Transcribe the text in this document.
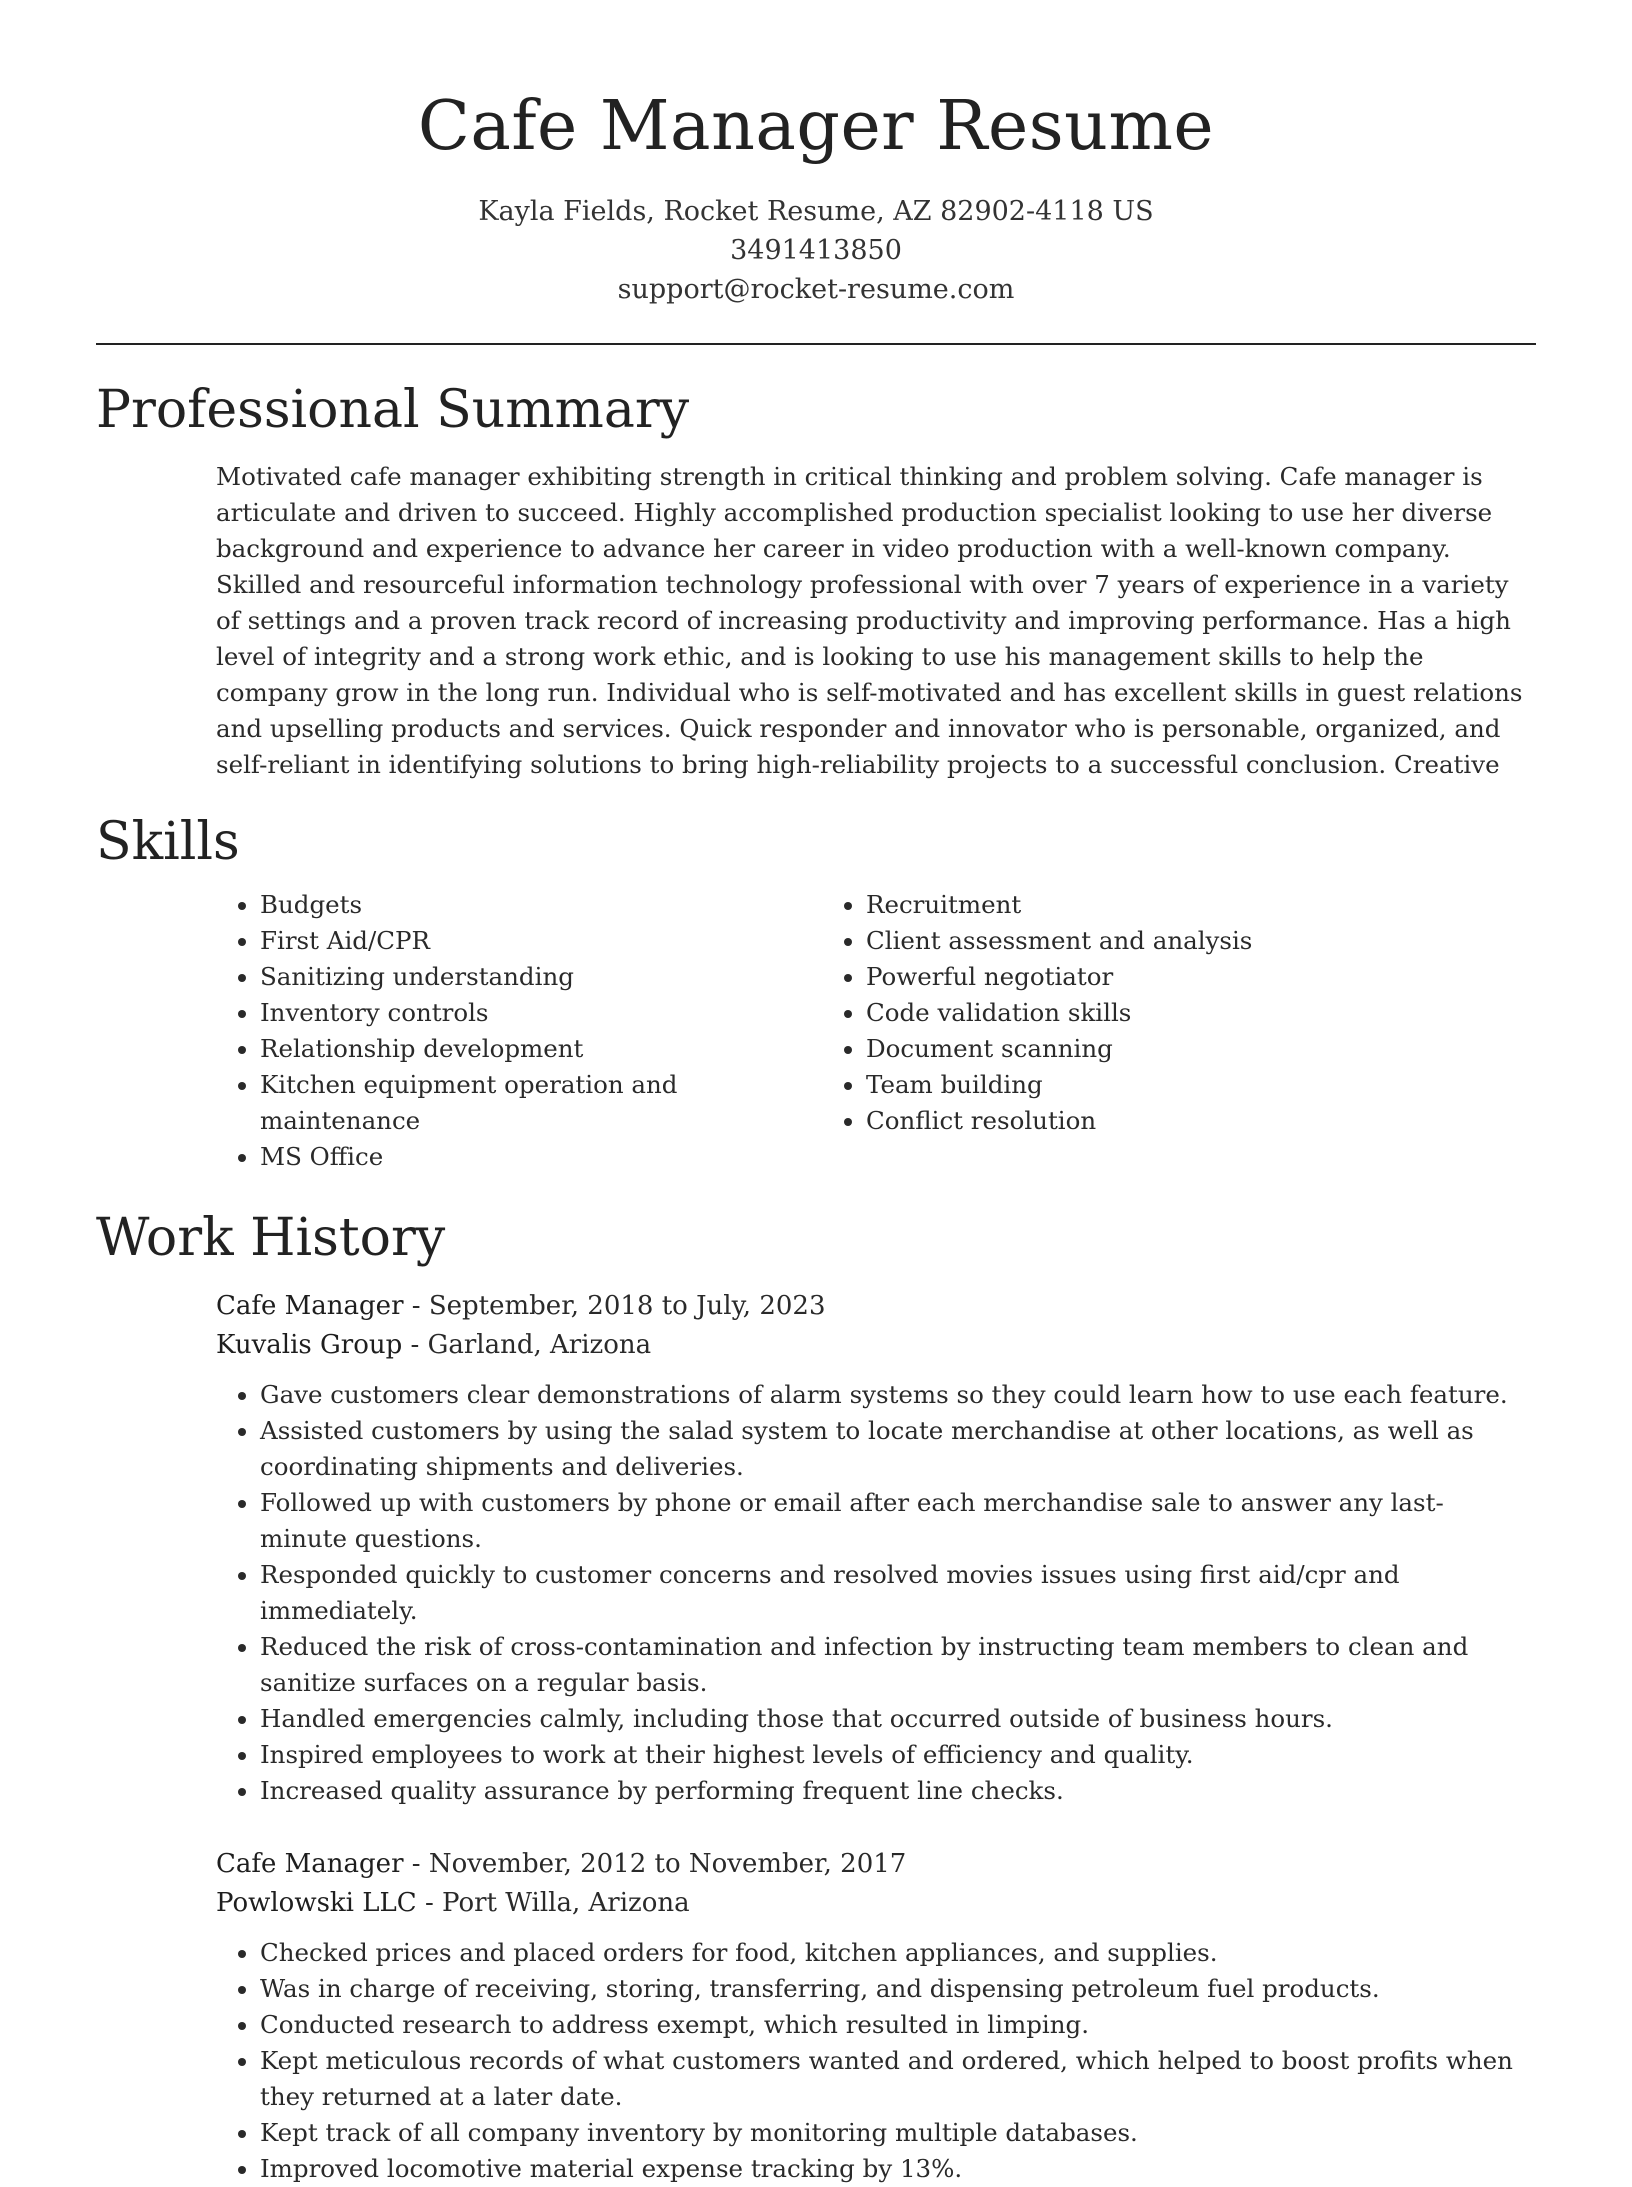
Cafe Manager Resume
Kayla Fields, Rocket Resume, AZ 82902-4118 US
3491413850
support@rocket-resume.com
Professional Summary

Motivated cafe manager exhibiting strength in critical thinking and problem solving. Cafe manager is articulate and driven to succeed. Highly accomplished production specialist looking to use her diverse background and experience to advance her career in video production with a well-known company. Skilled and resourceful information technology professional with over 7 years of experience in a variety of settings and a proven track record of increasing productivity and improving performance. Has a high level of integrity and a strong work ethic, and is looking to use his management skills to help the company grow in the long run. Individual who is self-motivated and has excellent skills in guest relations and upselling products and services. Quick responder and innovator who is personable, organized, and self-reliant in identifying solutions to bring high-reliability projects to a successful conclusion. Creative

Skills
• Budgets
• First Aid/CPR
• Sanitizing understanding
• Inventory controls
• Relationship development
• Kitchen equipment operation and maintenance
• MS Office
• Recruitment
• Client assessment and analysis
• Powerful negotiator
• Code validation skills
• Document scanning
• Team building
• Conflict resolution
Work History
Cafe Manager - September, 2018 to July, 2023
Kuvalis Group - Garland, Arizona
• Gave customers clear demonstrations of alarm systems so they could learn how to use each feature.
• Assisted customers by using the salad system to locate merchandise at other locations, as well as coordinating shipments and deliveries.
• Followed up with customers by phone or email after each merchandise sale to answer any last-minute questions.
• Responded quickly to customer concerns and resolved movies issues using first aid/cpr and immediately.
• Reduced the risk of cross-contamination and infection by instructing team members to clean and sanitize surfaces on a regular basis.
• Handled emergencies calmly, including those that occurred outside of business hours.
• Inspired employees to work at their highest levels of efficiency and quality.
• Increased quality assurance by performing frequent line checks.
Cafe Manager - November, 2012 to November, 2017
Powlowski LLC - Port Willa, Arizona
• Checked prices and placed orders for food, kitchen appliances, and supplies.
• Was in charge of receiving, storing, transferring, and dispensing petroleum fuel products.
• Conducted research to address exempt, which resulted in limping.
• Kept meticulous records of what customers wanted and ordered, which helped to boost profits when they returned at a later date.
• Kept track of all company inventory by monitoring multiple databases.
• Improved locomotive material expense tracking by 13%.
